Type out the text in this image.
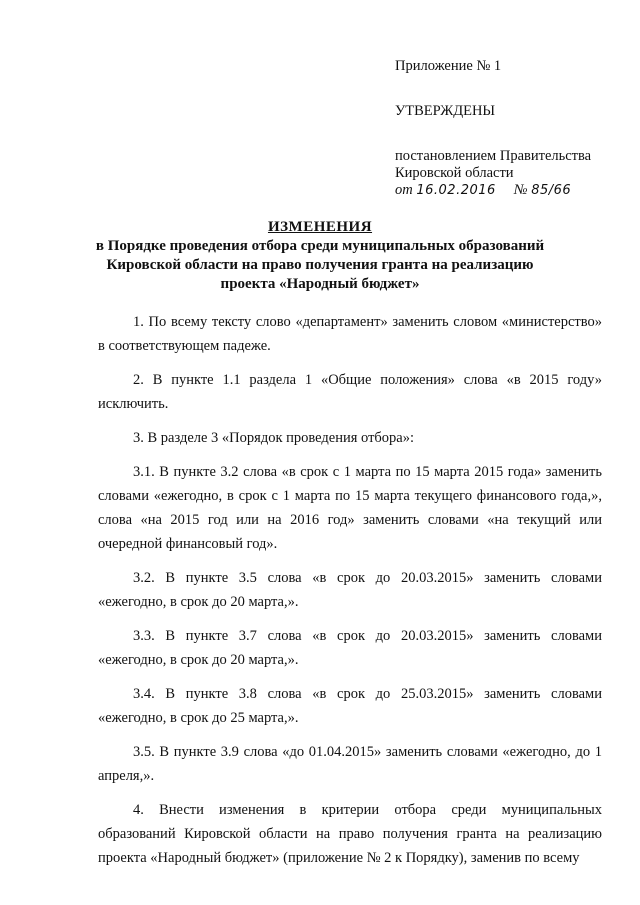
Приложение № 1
УТВЕРЖДЕНЫ
постановлением Правительства
Кировской области
от 16.02.2016 № 85/66
ИЗМЕНЕНИЯ
в Порядке проведения отбора среди муниципальных образований Кировской области на право получения гранта на реализацию проекта «Народный бюджет»

1. По всему тексту слово «департамент» заменить словом «министерство» в соответствующем падеже.

2. В пункте 1.1 раздела 1 «Общие положения» слова «в 2015 году» исключить.

3. В разделе 3 «Порядок проведения отбора»:

3.1. В пункте 3.2 слова «в срок с 1 марта по 15 марта 2015 года» заменить словами «ежегодно, в срок с 1 марта по 15 марта текущего финансового года,», слова «на 2015 год или на 2016 год» заменить словами «на текущий или очередной финансовый год».

3.2. В пункте 3.5 слова «в срок до 20.03.2015» заменить словами «ежегодно, в срок до 20 марта,».

3.3. В пункте 3.7 слова «в срок до 20.03.2015» заменить словами «ежегодно, в срок до 20 марта,».

3.4. В пункте 3.8 слова «в срок до 25.03.2015» заменить словами «ежегодно, в срок до 25 марта,».

3.5. В пункте 3.9 слова «до 01.04.2015» заменить словами «ежегодно, до 1 апреля,».

4. Внести изменения в критерии отбора среди муниципальных образований Кировской области на право получения гранта на реализацию проекта «Народный бюджет» (приложение № 2 к Порядку), заменив по всему
